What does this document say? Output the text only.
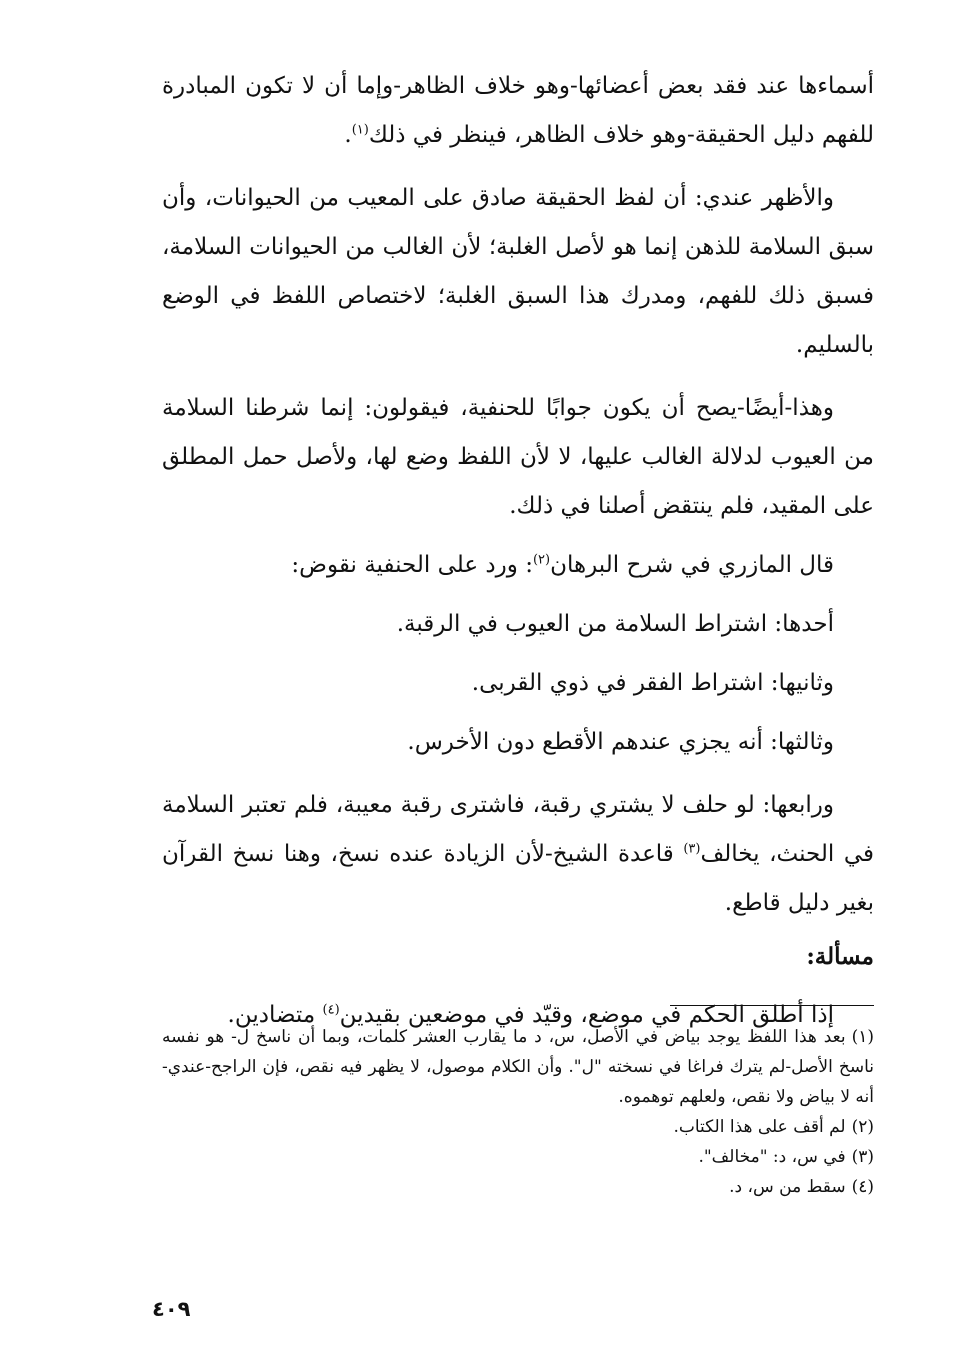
أسماءها عند فقد بعض أعضائها-وهو خلاف الظاهر-وإما أن لا تكون المبادرة للفهم دليل الحقيقة-وهو خلاف الظاهر، فينظر في ذلك$^{(١)}$.

والأظهر عندي: أن لفظ الحقيقة صادق على المعيب من الحيوانات، وأن سبق السلامة للذهن إنما هو لأصل الغلبة؛ لأن الغالب من الحيوانات السلامة، فسبق ذلك للفهم، ومدرك هذا السبق الغلبة؛ لاختصاص اللفظ في الوضع بالسليم.

وهذا-أيضًا-يصح أن يكون جوابًا للحنفية، فيقولون: إنما شرطنا السلامة من العيوب لدلالة الغالب عليها، لا لأن اللفظ وضع لها، ولأصل حمل المطلق على المقيد، فلم ينتقض أصلنا في ذلك.

قال المازري في شرح البرهان$^{(٢)}$: ورد على الحنفية نقوض:

أحدها: اشتراط السلامة من العيوب في الرقبة.

وثانيها: اشتراط الفقر في ذوي القربى.

وثالثها: أنه يجزي عندهم الأقطع دون الأخرس.

ورابعها: لو حلف لا يشتري رقبة، فاشترى رقبة معيبة، فلم تعتبر السلامة في الحنث، يخالف$^{(٣)}$ قاعدة الشيخ-لأن الزيادة عنده نسخ، وهنا نسخ القرآن بغير دليل قاطع.

مسألة:

إذا أطلق الحكم في موضع، وقيّد في موضعين بقيدين$^{(٤)}$ متضادين.

(١)بعد هذا اللفظ يوجد بياض في الأصل، س، د ما يقارب العشر كلمات، وبما أن ناسخ ل- هو نفسه ناسخ الأصل-لم يترك فراغا في نسخته "ل". وأن الكلام موصول، لا يظهر فيه نقص، فإن الراجح-عندي-أنه لا بياض ولا نقص، ولعلهم توهموه.

(٢)لم أقف على هذا الكتاب.

(٣)في س، د: "مخالف".

(٤)سقط من س، د.

٤٠٩
